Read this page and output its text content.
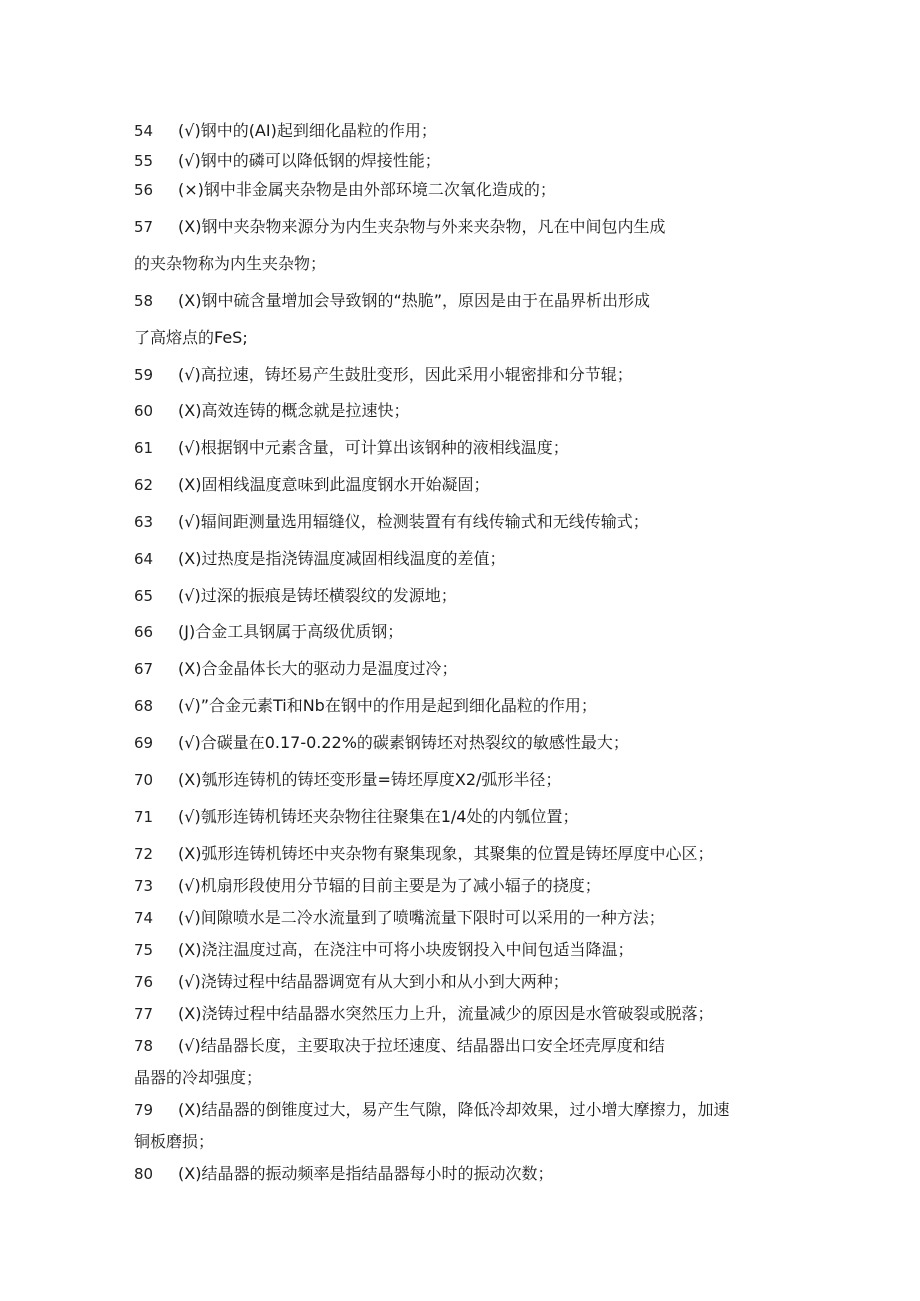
54 (√)钢中的(AI)起到细化晶粒的作用；
55 (√)钢中的磷可以降低钢的焊接性能；
56 (×)钢中非金属夹杂物是由外部环境二次氧化造成的；
57 (X)钢中夹杂物来源分为内生夹杂物与外来夹杂物，凡在中间包内生成
的夹杂物称为内生夹杂物；
58 (X)钢中硫含量增加会导致钢的“热脆”，原因是由于在晶界析出形成
了高熔点的FeS;
59 (√)高拉速，铸坯易产生鼓肚变形，因此采用小辊密排和分节辊；
60 (X)高效连铸的概念就是拉速快；
61 (√)根据钢中元素含量，可计算出该钢种的液相线温度；
62 (X)固相线温度意味到此温度钢水开始凝固；
63 (√)辐间距测量选用辐缝仪，检测装置有有线传输式和无线传输式；
64 (X)过热度是指浇铸温度减固相线温度的差值；
65 (√)过深的振痕是铸坯横裂纹的发源地；
66 (J)合金工具钢属于高级优质钢；
67 (X)合金晶体长大的驱动力是温度过冷；
68 (√)”合金元素Ti和Nb在钢中的作用是起到细化晶粒的作用；
69 (√)合碳量在0.17-0.22%的碳素钢铸坯对热裂纹的敏感性最大；
70 (X)瓠形连铸机的铸坯变形量=铸坯厚度X2/弧形半径；
71 (√)瓠形连铸机铸坯夹杂物往往聚集在1/4处的内瓠位置；
72 (X)弧形连铸机铸坯中夹杂物有聚集现象，其聚集的位置是铸坯厚度中心区；
73 (√)机扇形段使用分节辐的目前主要是为了减小辐子的挠度；
74 (√)间隙喷水是二冷水流量到了喷嘴流量下限时可以采用的一种方法；
75 (X)浇注温度过高，在浇注中可将小块废钢投入中间包适当降温；
76 (√)浇铸过程中结晶器调宽有从大到小和从小到大两种；
77 (X)浇铸过程中结晶器水突然压力上升，流量减少的原因是水管破裂或脱落；
78 (√)结晶器长度，主要取决于拉坯速度、结晶器出口安全坯壳厚度和结
晶器的冷却强度；
79 (X)结晶器的倒锥度过大，易产生气隙，降低冷却效果，过小增大摩擦力，加速
铜板磨损；
80 (X)结晶器的振动频率是指结晶器每小时的振动次数；
